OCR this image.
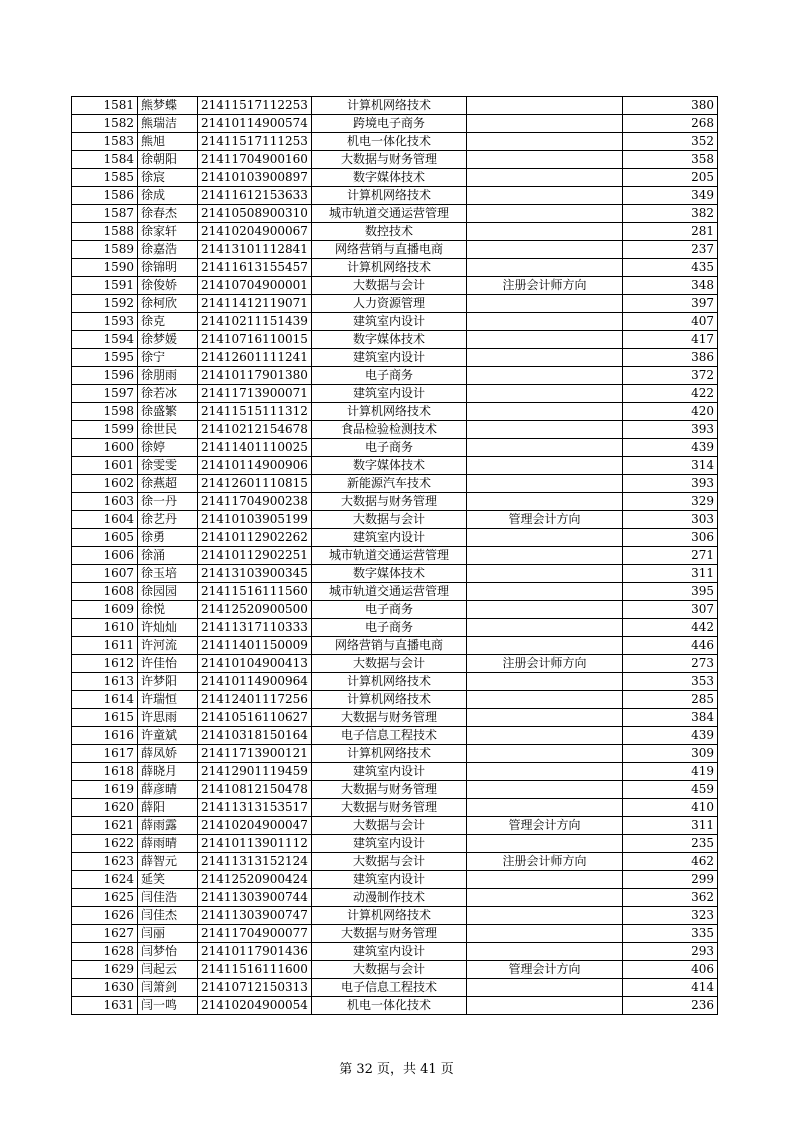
1581	熊梦蝶	21411517112253	计算机网络技术		380
1582	熊瑞洁	21410114900574	跨境电子商务		268
1583	熊旭	21411517111253	机电一体化技术		352
1584	徐朝阳	21411704900160	大数据与财务管理		358
1585	徐宸	21410103900897	数字媒体技术		205
1586	徐成	21411612153633	计算机网络技术		349
1587	徐春杰	21410508900310	城市轨道交通运营管理		382
1588	徐家轩	21410204900067	数控技术		281
1589	徐嘉浩	21413101112841	网络营销与直播电商		237
1590	徐锦明	21411613155457	计算机网络技术		435
1591	徐俊娇	21410704900001	大数据与会计	注册会计师方向	348
1592	徐柯欣	21411412119071	人力资源管理		397
1593	徐克	21410211151439	建筑室内设计		407
1594	徐梦媛	21410716110015	数字媒体技术		417
1595	徐宁	21412601111241	建筑室内设计		386
1596	徐朋雨	21410117901380	电子商务		372
1597	徐若冰	21411713900071	建筑室内设计		422
1598	徐盛繁	21411515111312	计算机网络技术		420
1599	徐世民	21410212154678	食品检验检测技术		393
1600	徐婷	21411401110025	电子商务		439
1601	徐雯雯	21410114900906	数字媒体技术		314
1602	徐燕超	21412601110815	新能源汽车技术		393
1603	徐一丹	21411704900238	大数据与财务管理		329
1604	徐艺丹	21410103905199	大数据与会计	管理会计方向	303
1605	徐勇	21410112902262	建筑室内设计		306
1606	徐涌	21410112902251	城市轨道交通运营管理		271
1607	徐玉培	21413103900345	数字媒体技术		311
1608	徐园园	21411516111560	城市轨道交通运营管理		395
1609	徐悦	21412520900500	电子商务		307
1610	许灿灿	21411317110333	电子商务		442
1611	许河流	21411401150009	网络营销与直播电商		446
1612	许佳怡	21410104900413	大数据与会计	注册会计师方向	273
1613	许梦阳	21410114900964	计算机网络技术		353
1614	许瑞恒	21412401117256	计算机网络技术		285
1615	许思雨	21410516110627	大数据与财务管理		384
1616	许童斌	21410318150164	电子信息工程技术		439
1617	薛凤娇	21411713900121	计算机网络技术		309
1618	薛晓月	21412901119459	建筑室内设计		419
1619	薛彦晴	21410812150478	大数据与财务管理		459
1620	薛阳	21411313153517	大数据与财务管理		410
1621	薛雨露	21410204900047	大数据与会计	管理会计方向	311
1622	薛雨晴	21410113901112	建筑室内设计		235
1623	薛智元	21411313152124	大数据与会计	注册会计师方向	462
1624	延笑	21412520900424	建筑室内设计		299
1625	闫佳浩	21411303900744	动漫制作技术		362
1626	闫佳杰	21411303900747	计算机网络技术		323
1627	闫丽	21411704900077	大数据与财务管理		335
1628	闫梦怡	21410117901436	建筑室内设计		293
1629	闫起云	21411516111600	大数据与会计	管理会计方向	406
1630	闫箫剑	21410712150313	电子信息工程技术		414
1631	闫一鸣	21410204900054	机电一体化技术		236
第 32 页，共 41 页
